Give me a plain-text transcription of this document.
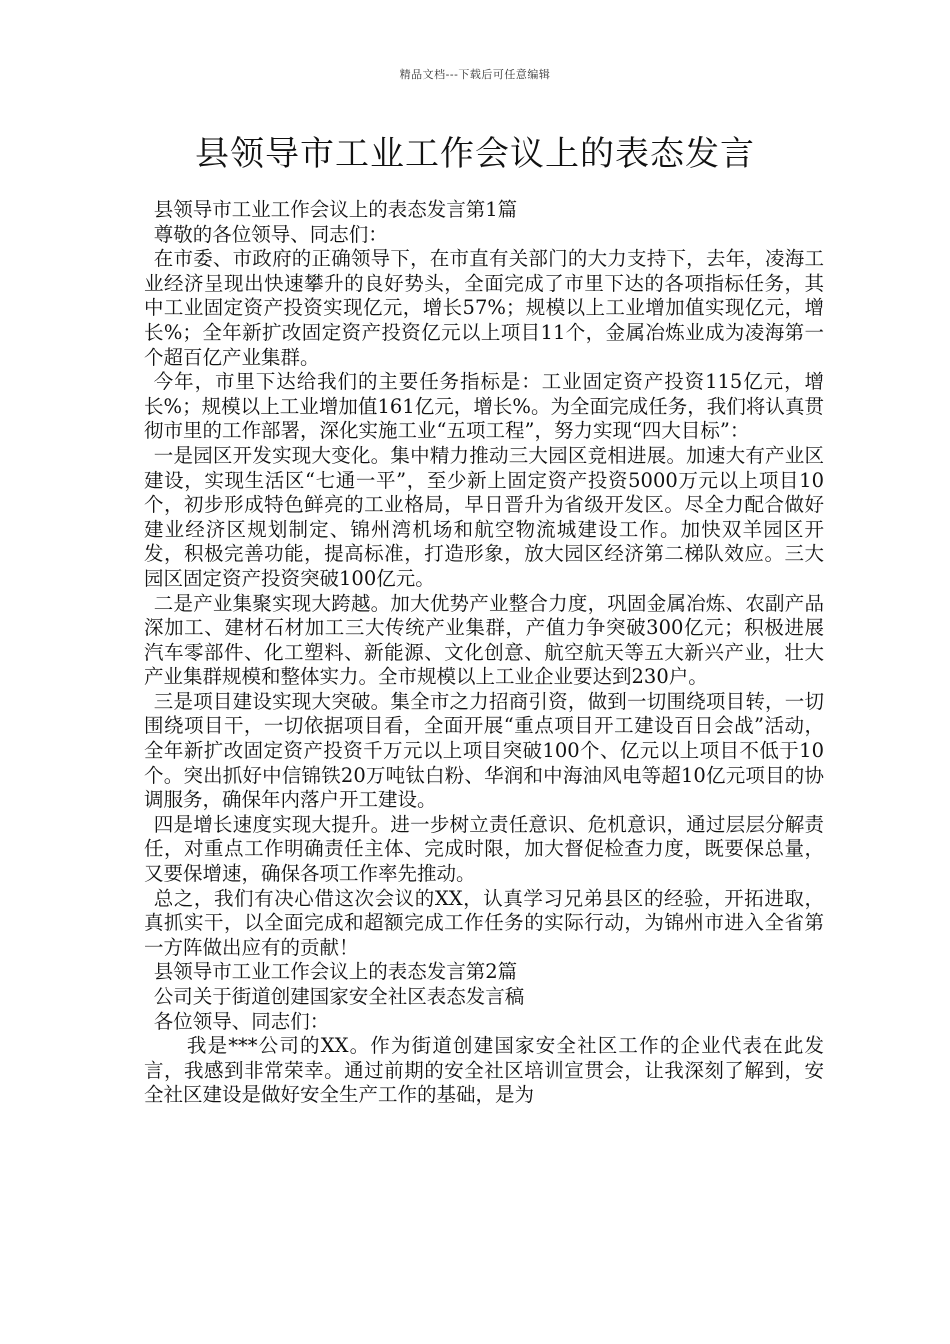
精品文档---下载后可任意编辑
县领导市工业工作会议上的表态发言

县领导市工业工作会议上的表态发言第1篇

尊敬的各位领导、同志们：

在市委、市政府的正确领导下，在市直有关部门的大力支持下，去年，凌海工业经济呈现出快速攀升的良好势头，全面完成了市里下达的各项指标任务，其中工业固定资产投资实现亿元，增长57%；规模以上工业增加值实现亿元，增长%；全年新扩改固定资产投资亿元以上项目11个，金属冶炼业成为凌海第一个超百亿产业集群。

今年，市里下达给我们的主要任务指标是：工业固定资产投资115亿元，增长%；规模以上工业增加值161亿元，增长%。为全面完成任务，我们将认真贯彻市里的工作部署，深化实施工业“五项工程”，努力实现“四大目标”：

一是园区开发实现大变化。集中精力推动三大园区竞相进展。加速大有产业区建设，实现生活区“七通一平”，至少新上固定资产投资5000万元以上项目10个，初步形成特色鲜亮的工业格局，早日晋升为省级开发区。尽全力配合做好建业经济区规划制定、锦州湾机场和航空物流城建设工作。加快双羊园区开发，积极完善功能，提高标准，打造形象，放大园区经济第二梯队效应。三大园区固定资产投资突破100亿元。

二是产业集聚实现大跨越。加大优势产业整合力度，巩固金属冶炼、农副产品深加工、建材石材加工三大传统产业集群，产值力争突破300亿元；积极进展汽车零部件、化工塑料、新能源、文化创意、航空航天等五大新兴产业，壮大产业集群规模和整体实力。全市规模以上工业企业要达到230户。

三是项目建设实现大突破。集全市之力招商引资，做到一切围绕项目转，一切围绕项目干，一切依据项目看，全面开展“重点项目开工建设百日会战”活动，全年新扩改固定资产投资千万元以上项目突破100个、亿元以上项目不低于10个。突出抓好中信锦铁20万吨钛白粉、华润和中海油风电等超10亿元项目的协调服务，确保年内落户开工建设。

四是增长速度实现大提升。进一步树立责任意识、危机意识，通过层层分解责任，对重点工作明确责任主体、完成时限，加大督促检查力度，既要保总量，又要保增速，确保各项工作率先推动。

总之，我们有决心借这次会议的XX，认真学习兄弟县区的经验，开拓进取，真抓实干，以全面完成和超额完成工作任务的实际行动，为锦州市进入全省第一方阵做出应有的贡献！

县领导市工业工作会议上的表态发言第2篇

公司关于街道创建国家安全社区表态发言稿

各位领导、同志们：

我是***公司的XX。作为街道创建国家安全社区工作的企业代表在此发言，我感到非常荣幸。通过前期的安全社区培训宣贯会，让我深刻了解到，安全社区建设是做好安全生产工作的基础，是为
